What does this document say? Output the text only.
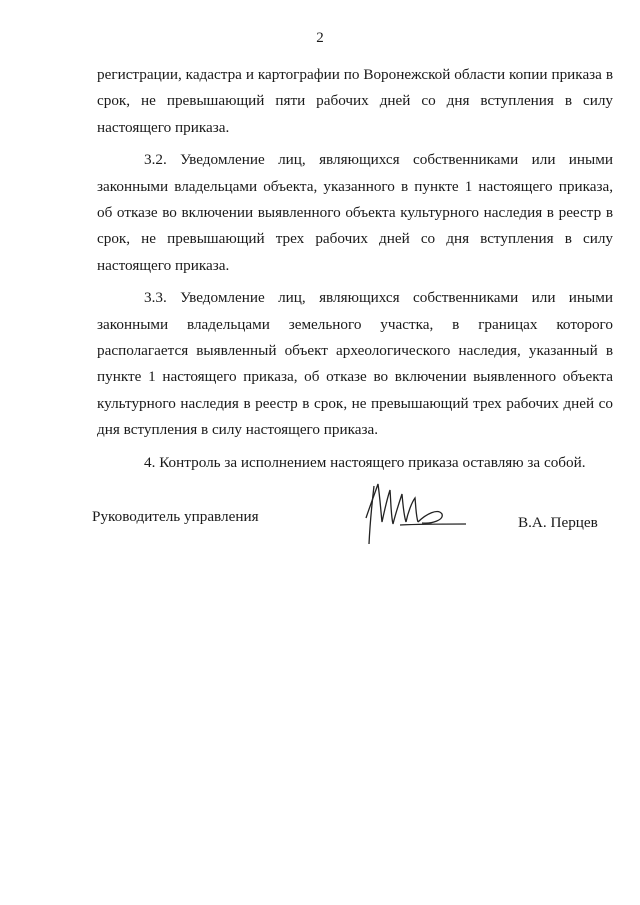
2

регистрации, кадастра и картографии по Воронежской области копии приказа в срок, не превышающий пяти рабочих дней со дня вступления в силу настоящего приказа.

3.2. Уведомление лиц, являющихся собственниками или иными законными владельцами объекта, указанного в пункте 1 настоящего приказа, об отказе во включении выявленного объекта культурного наследия в реестр в срок, не превышающий трех рабочих дней со дня вступления в силу настоящего приказа.

3.3. Уведомление лиц, являющихся собственниками или иными законными владельцами земельного участка, в границах которого располагается выявленный объект археологического наследия, указанный в пункте 1 настоящего приказа, об отказе во включении выявленного объекта культурного наследия в реестр в срок, не превышающий трех рабочих дней со дня вступления в силу настоящего приказа.

4. Контроль за исполнением настоящего приказа оставляю за собой.

Руководитель управления	В.А. Перцев
